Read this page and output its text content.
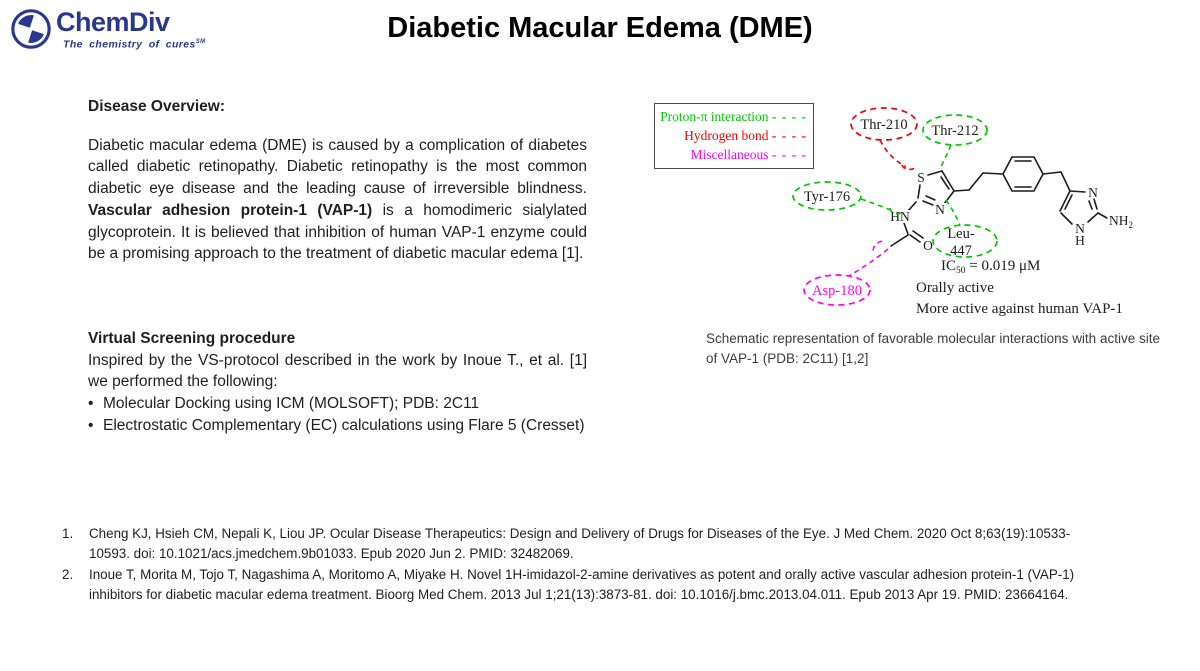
ChemDiv
The chemistry of cures℠	Diabetic Macular Edema (DME)
Disease Overview:

Diabetic macular edema (DME) is caused by a complication of diabetes called diabetic retinopathy. Diabetic retinopathy is the most common diabetic eye disease and the leading cause of irreversible blindness. Vascular adhesion protein-1 (VAP-1) is a homodimeric sialylated glycoprotein. It is believed that inhibition of human VAP-1 enzyme could be a promising approach to the treatment of diabetic macular edema [1].

Virtual Screening procedure

Inspired by the VS-protocol described in the work by Inoue T., et al. [1] we performed the following:

• Molecular Docking using ICM (MOLSOFT); PDB: 2C11
• Electrostatic Complementary (EC) calculations using Flare 5 (Cresset)
Proton-π interaction - - - -
Hydrogen bond - - - -
Miscellaneous - - - -
S
N
HN
O
N
N
H
$NH_2$
Thr-210 Thr-212
Tyr-176
Leu-
447
Asp-180
$IC_{50} = 0.019$ μM
Orally active
More active against human VAP-1
Schematic representation of favorable molecular interactions with active site of VAP-1 (PDB: 2C11) [1,2]
1.	Cheng KJ, Hsieh CM, Nepali K, Liou JP. Ocular Disease Therapeutics: Design and Delivery of Drugs for Diseases of the Eye. J Med Chem. 2020 Oct 8;63(19):10533-10593. doi: 10.1021/acs.jmedchem.9b01033. Epub 2020 Jun 2. PMID: 32482069.
2.	Inoue T, Morita M, Tojo T, Nagashima A, Moritomo A, Miyake H. Novel 1H-imidazol-2-amine derivatives as potent and orally active vascular adhesion protein-1 (VAP-1) inhibitors for diabetic macular edema treatment. Bioorg Med Chem. 2013 Jul 1;21(13):3873-81. doi: 10.1016/j.bmc.2013.04.011. Epub 2013 Apr 19. PMID: 23664164.
